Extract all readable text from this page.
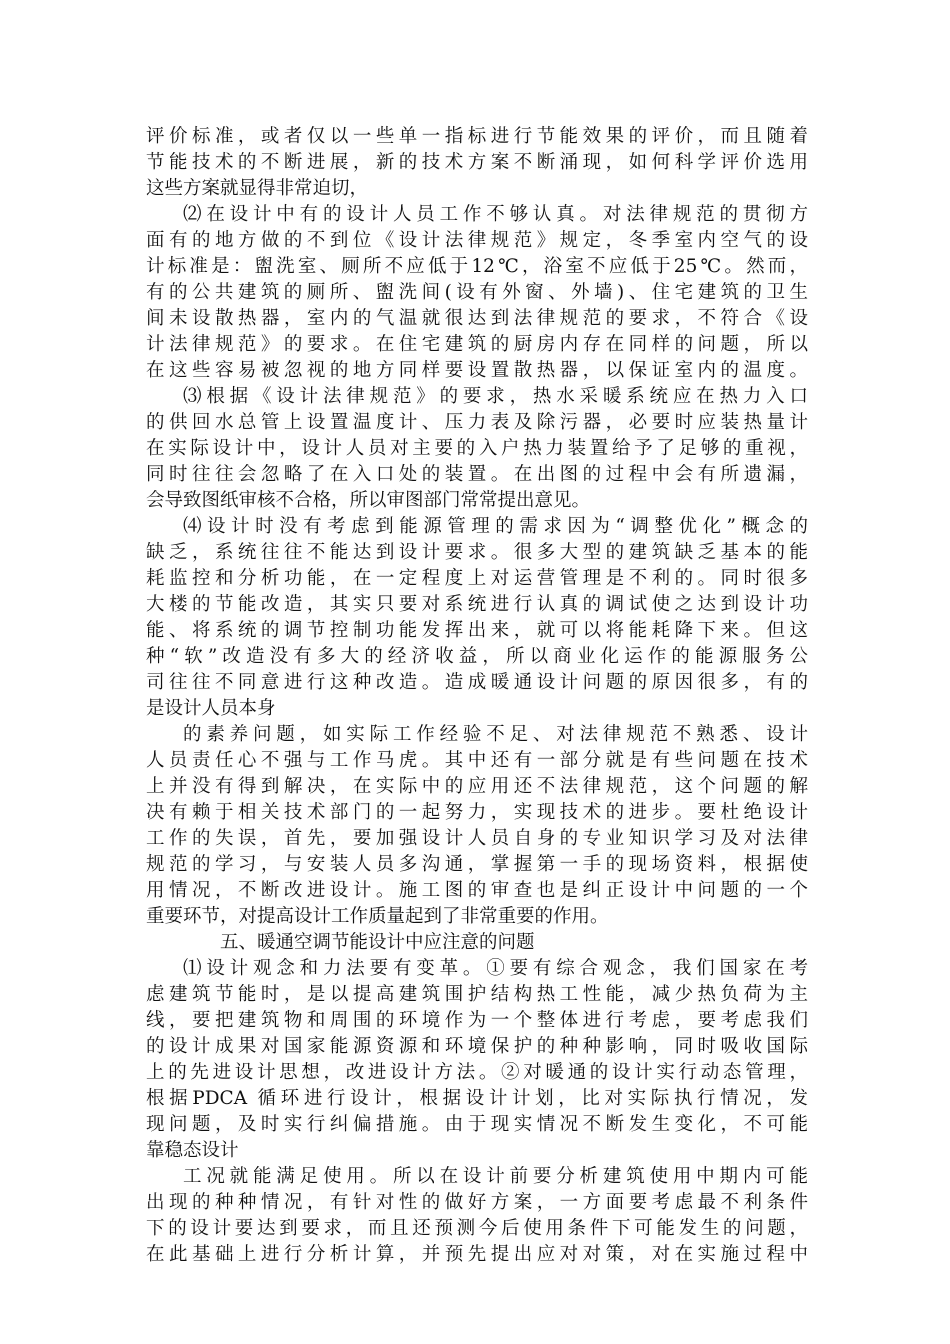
评价标准，或者仅以一些单一指标进行节能效果的评价，而且随着
节能技术的不断进展，新的技术方案不断涌现，如何科学评价选用
这些方案就显得非常迫切，
⑵在设计中有的设计人员工作不够认真。对法律规范的贯彻方
面有的地方做的不到位《设计法律规范》规定，冬季室内空气的设
计标准是：盥洗室、厕所不应低于12℃，浴室不应低于25℃。然而，
有的公共建筑的厕所、盥洗间(设有外窗、外墙)、住宅建筑的卫生
间未设散热器，室内的气温就很达到法律规范的要求，不符合《设
计法律规范》的要求。在住宅建筑的厨房内存在同样的问题，所以
在这些容易被忽视的地方同样要设置散热器，以保证室内的温度。
⑶根据《设计法律规范》的要求，热水采暖系统应在热力入口
的供回水总管上设置温度计、压力表及除污器，必要时应装热量计
在实际设计中，设计人员对主要的入户热力装置给予了足够的重视，
同时往往会忽略了在入口处的装置。在出图的过程中会有所遗漏，
会导致图纸审核不合格，所以审图部门常常提出意见。
⑷设计时没有考虑到能源管理的需求因为“调整优化”概念的
缺乏，系统往往不能达到设计要求。很多大型的建筑缺乏基本的能
耗监控和分析功能，在一定程度上对运营管理是不利的。同时很多
大楼的节能改造，其实只要对系统进行认真的调试使之达到设计功
能、将系统的调节控制功能发挥出来，就可以将能耗降下来。但这
种“软”改造没有多大的经济收益，所以商业化运作的能源服务公
司往往不同意进行这种改造。造成暖通设计问题的原因很多，有的
是设计人员本身
的素养问题，如实际工作经验不足、对法律规范不熟悉、设计
人员责任心不强与工作马虎。其中还有一部分就是有些问题在技术
上并没有得到解决，在实际中的应用还不法律规范，这个问题的解
决有赖于相关技术部门的一起努力，实现技术的进步。要杜绝设计
工作的失误，首先，要加强设计人员自身的专业知识学习及对法律
规范的学习，与安装人员多沟通，掌握第一手的现场资料，根据使
用情况，不断改进设计。施工图的审查也是纠正设计中问题的一个
重要环节，对提高设计工作质量起到了非常重要的作用。
五、暖通空调节能设计中应注意的问题
⑴设计观念和力法要有变革。①要有综合观念，我们国家在考
虑建筑节能时，是以提高建筑围护结构热工性能，减少热负荷为主
线，要把建筑物和周围的环境作为一个整体进行考虑，要考虑我们
的设计成果对国家能源资源和环境保护的种种影响，同时吸收国际
上的先进设计思想，改进设计方法。②对暖通的设计实行动态管理，
根据PDCA 循环进行设计，根据设计计划，比对实际执行情况，发
现问题，及时实行纠偏措施。由于现实情况不断发生变化，不可能
靠稳态设计
工况就能满足使用。所以在设计前要分析建筑使用中期内可能
出现的种种情况，有针对性的做好方案，一方面要考虑最不利条件
下的设计要达到要求，而且还预测今后使用条件下可能发生的问题，
在此基础上进行分析计算，并预先提出应对对策，对在实施过程中
